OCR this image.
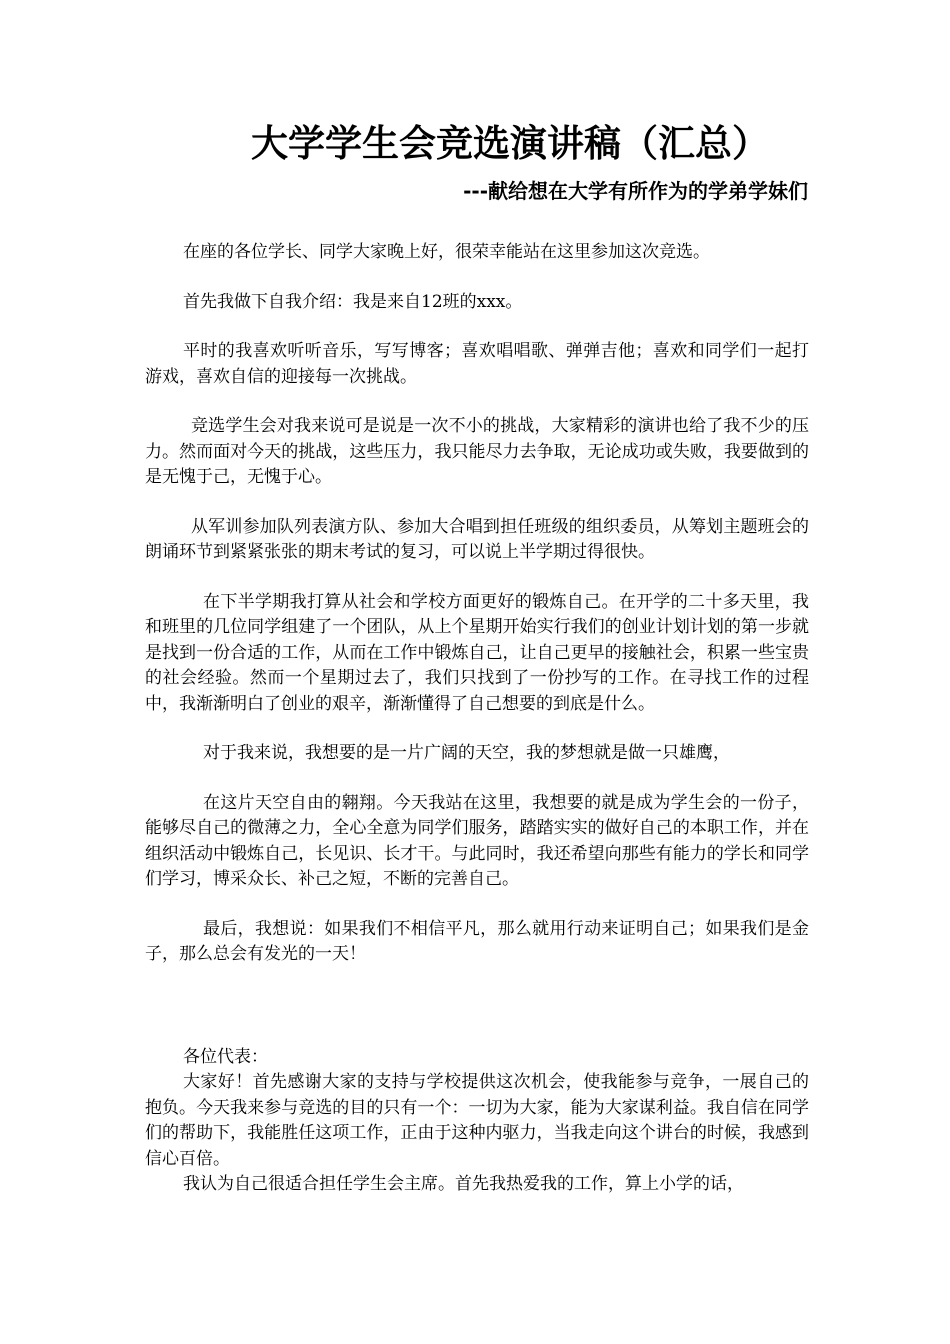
大学学生会竞选演讲稿（汇总）
---献给想在大学有所作为的学弟学妹们

在座的各位学长、同学大家晚上好，很荣幸能站在这里参加这次竞选。

首先我做下自我介绍：我是来自12班的xxx。

平时的我喜欢听听音乐，写写博客；喜欢唱唱歌、弹弹吉他；喜欢和同学们一起打游戏，喜欢自信的迎接每一次挑战。

竞选学生会对我来说可是说是一次不小的挑战，大家精彩的演讲也给了我不少的压力。然而面对今天的挑战，这些压力，我只能尽力去争取，无论成功或失败，我要做到的是无愧于己，无愧于心。

从军训参加队列表演方队、参加大合唱到担任班级的组织委员，从筹划主题班会的朗诵环节到紧紧张张的期末考试的复习，可以说上半学期过得很快。

在下半学期我打算从社会和学校方面更好的锻炼自己。在开学的二十多天里，我和班里的几位同学组建了一个团队，从上个星期开始实行我们的创业计划计划的第一步就是找到一份合适的工作，从而在工作中锻炼自己，让自己更早的接触社会，积累一些宝贵的社会经验。然而一个星期过去了，我们只找到了一份抄写的工作。在寻找工作的过程中，我渐渐明白了创业的艰辛，渐渐懂得了自己想要的到底是什么。

对于我来说，我想要的是一片广阔的天空，我的梦想就是做一只雄鹰，

在这片天空自由的翱翔。今天我站在这里，我想要的就是成为学生会的一份子，能够尽自己的微薄之力，全心全意为同学们服务，踏踏实实的做好自己的本职工作，并在组织活动中锻炼自己，长见识、长才干。与此同时，我还希望向那些有能力的学长和同学们学习，博采众长、补己之短，不断的完善自己。

最后，我想说：如果我们不相信平凡，那么就用行动来证明自己；如果我们是金子，那么总会有发光的一天！

各位代表：

大家好！首先感谢大家的支持与学校提供这次机会，使我能参与竞争，一展自己的抱负。今天我来参与竞选的目的只有一个：一切为大家，能为大家谋利益。我自信在同学们的帮助下，我能胜任这项工作，正由于这种内驱力，当我走向这个讲台的时候，我感到信心百倍。

我认为自己很适合担任学生会主席。首先我热爱我的工作，算上小学的话，
